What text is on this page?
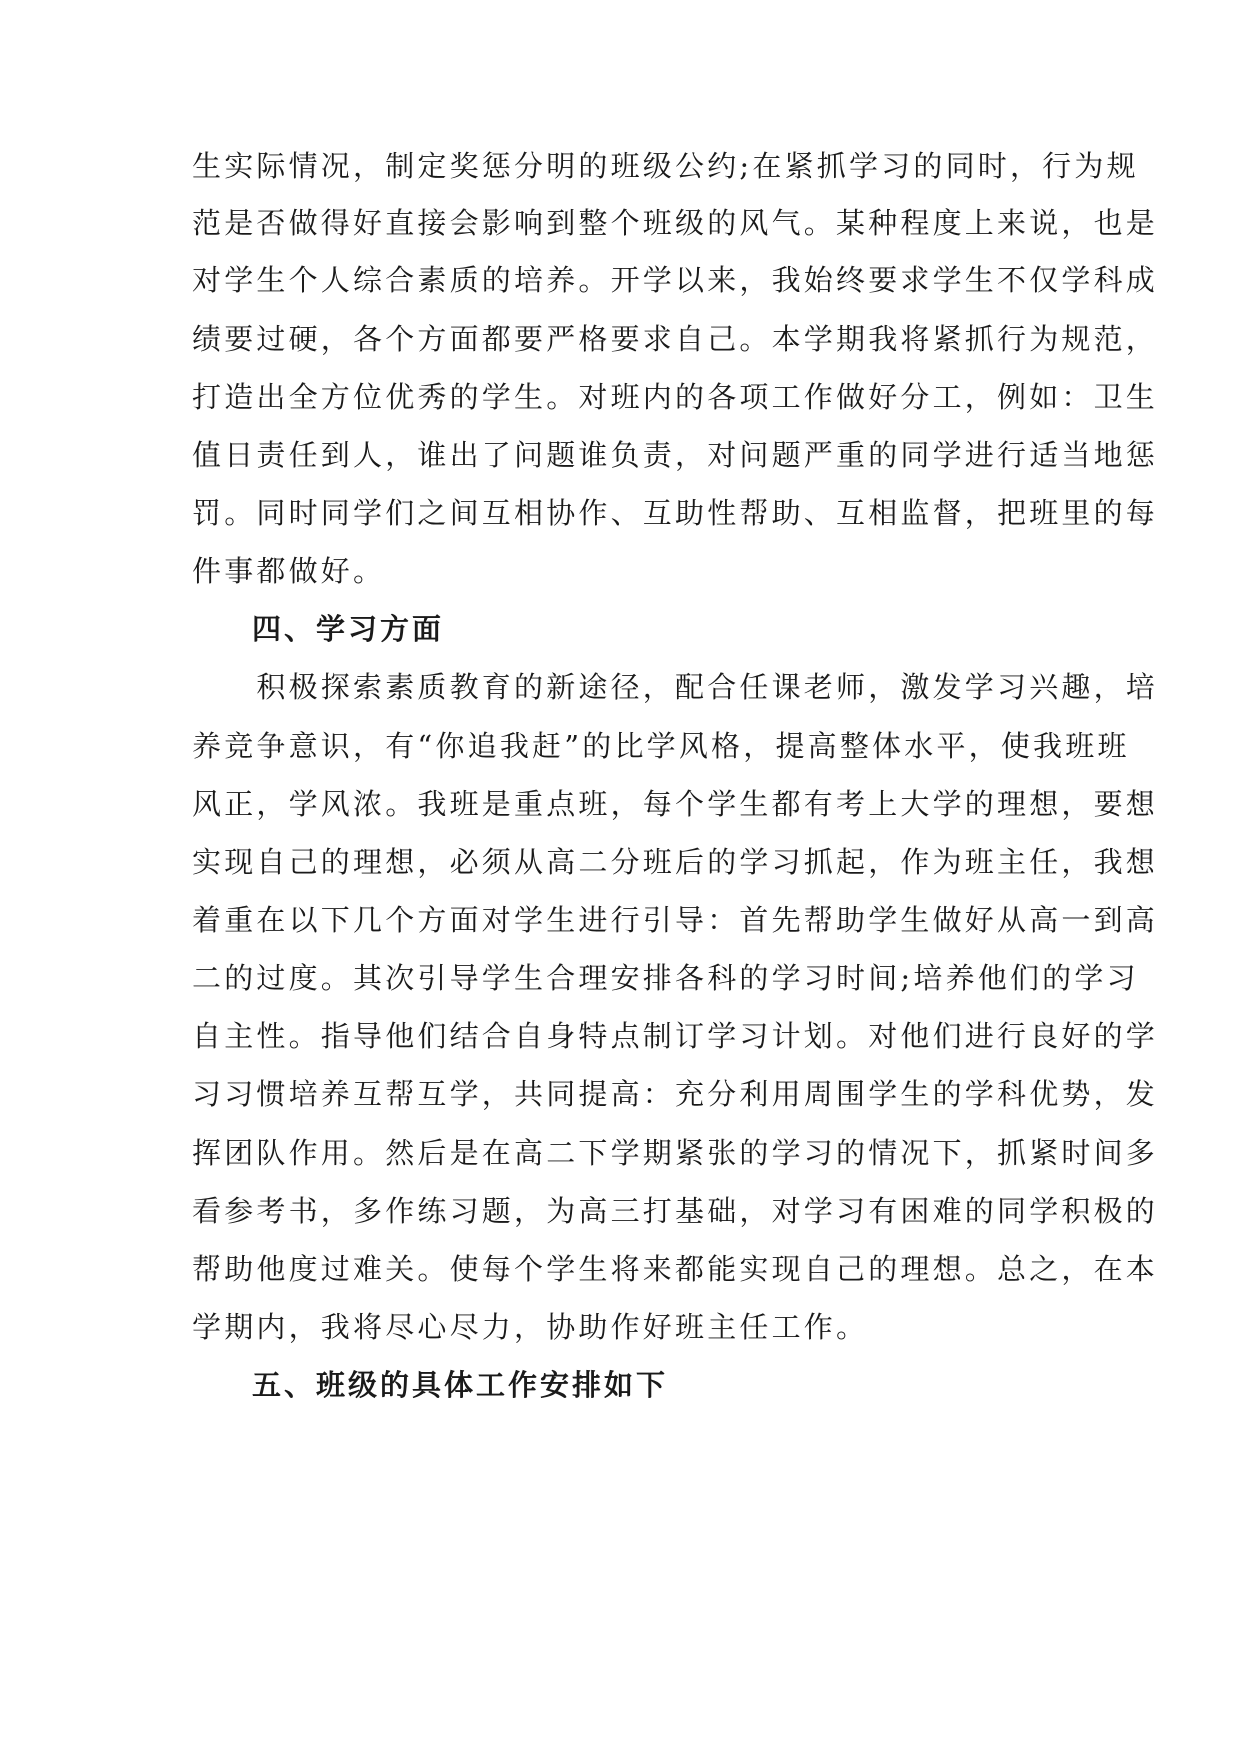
生实际情况，制定奖惩分明的班级公约;在紧抓学习的同时，行为规
范是否做得好直接会影响到整个班级的风气。某种程度上来说，也是
对学生个人综合素质的培养。开学以来，我始终要求学生不仅学科成
绩要过硬，各个方面都要严格要求自己。本学期我将紧抓行为规范，
打造出全方位优秀的学生。对班内的各项工作做好分工，例如：卫生
值日责任到人，谁出了问题谁负责，对问题严重的同学进行适当地惩
罚。同时同学们之间互相协作、互助性帮助、互相监督，把班里的每
件事都做好。
四、学习方面
　　积极探索素质教育的新途径，配合任课老师，激发学习兴趣，培
养竞争意识，有“你追我赶”的比学风格，提高整体水平，使我班班
风正，学风浓。我班是重点班，每个学生都有考上大学的理想，要想
实现自己的理想，必须从高二分班后的学习抓起，作为班主任，我想
着重在以下几个方面对学生进行引导：首先帮助学生做好从高一到高
二的过度。其次引导学生合理安排各科的学习时间;培养他们的学习
自主性。指导他们结合自身特点制订学习计划。对他们进行良好的学
习习惯培养互帮互学，共同提高：充分利用周围学生的学科优势，发
挥团队作用。然后是在高二下学期紧张的学习的情况下，抓紧时间多
看参考书，多作练习题，为高三打基础，对学习有困难的同学积极的
帮助他度过难关。使每个学生将来都能实现自己的理想。总之，在本
学期内，我将尽心尽力，协助作好班主任工作。
五、班级的具体工作安排如下
